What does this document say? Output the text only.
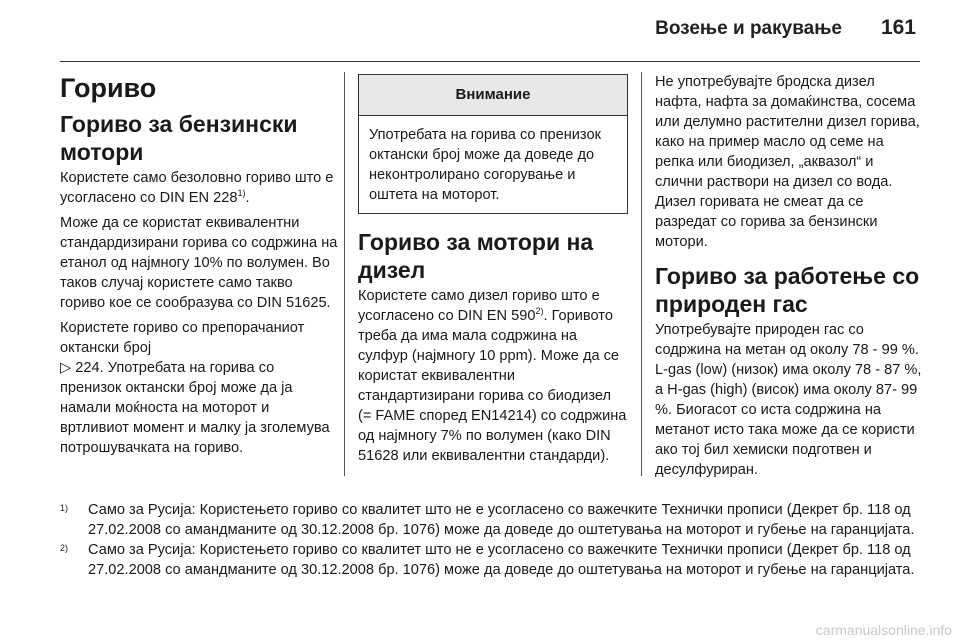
Возење и ракување 161
Гориво
Гориво за бензински мотори

Користете само безоловно гориво што е усогласено со DIN EN 228$^{1)}$.

Може да се користат еквивалентни стандардизирани горива со содржина на етанол од најмногу 10% по волумен. Во таков случај користете само такво гориво кое се сообразува со DIN 51625.

Користете гориво со препорачаниот октански број
▷ 224. Употребата на горива со пренизок октански број може да ја намали моќноста на моторот и вртливиот момент и малку ја зголемува потрошувачката на гориво.

Внимание
Употребата на горива со пренизок октански број може да доведе до неконтролирано согорување и оштета на моторот.
Гориво за мотори на дизел

Користете само дизел гориво што е усогласено со DIN EN 590$^{2)}$. Горивото треба да има мала содржина на сулфур (најмногу 10 ppm). Може да се користат еквивалентни стандартизирани горива со биодизел (= FAME според EN14214) со содржина од најмногу 7% по волумен (како DIN 51628 или еквивалентни стандарди).

Не употребувајте бродска дизел нафта, нафта за домаќинства, сосема или делумно растителни дизел горива, како на пример масло од семе на репка или биодизел, „аквазол“ и слични раствори на дизел со вода. Дизел горивата не смеат да се разредат со горива за бензински мотори.

Гориво за работење со природен гас

Употребувајте природен гас со содржина на метан од околу 78 - 99 %. L-gas (low) (низок) има околу 78 - 87 %, а H-gas (high) (висок) има околу 87- 99 %. Биогасот со иста содржина на метанот исто така може да се користи ако тој бил хемиски подготвен и десулфуриран.

1) Само за Русија: Користењето гориво со квалитет што не е усогласено со важечките Технички прописи (Декрет бр. 118 од 27.02.2008 со амандманите од 30.12.2008 бр. 1076) може да доведе до оштетувања на моторот и губење на гаранцијата.
2) Само за Русија: Користењето гориво со квалитет што не е усогласено со важечките Технички прописи (Декрет бр. 118 од 27.02.2008 со амандманите од 30.12.2008 бр. 1076) може да доведе до оштетувања на моторот и губење на гаранцијата.
carmanualsonline.info
